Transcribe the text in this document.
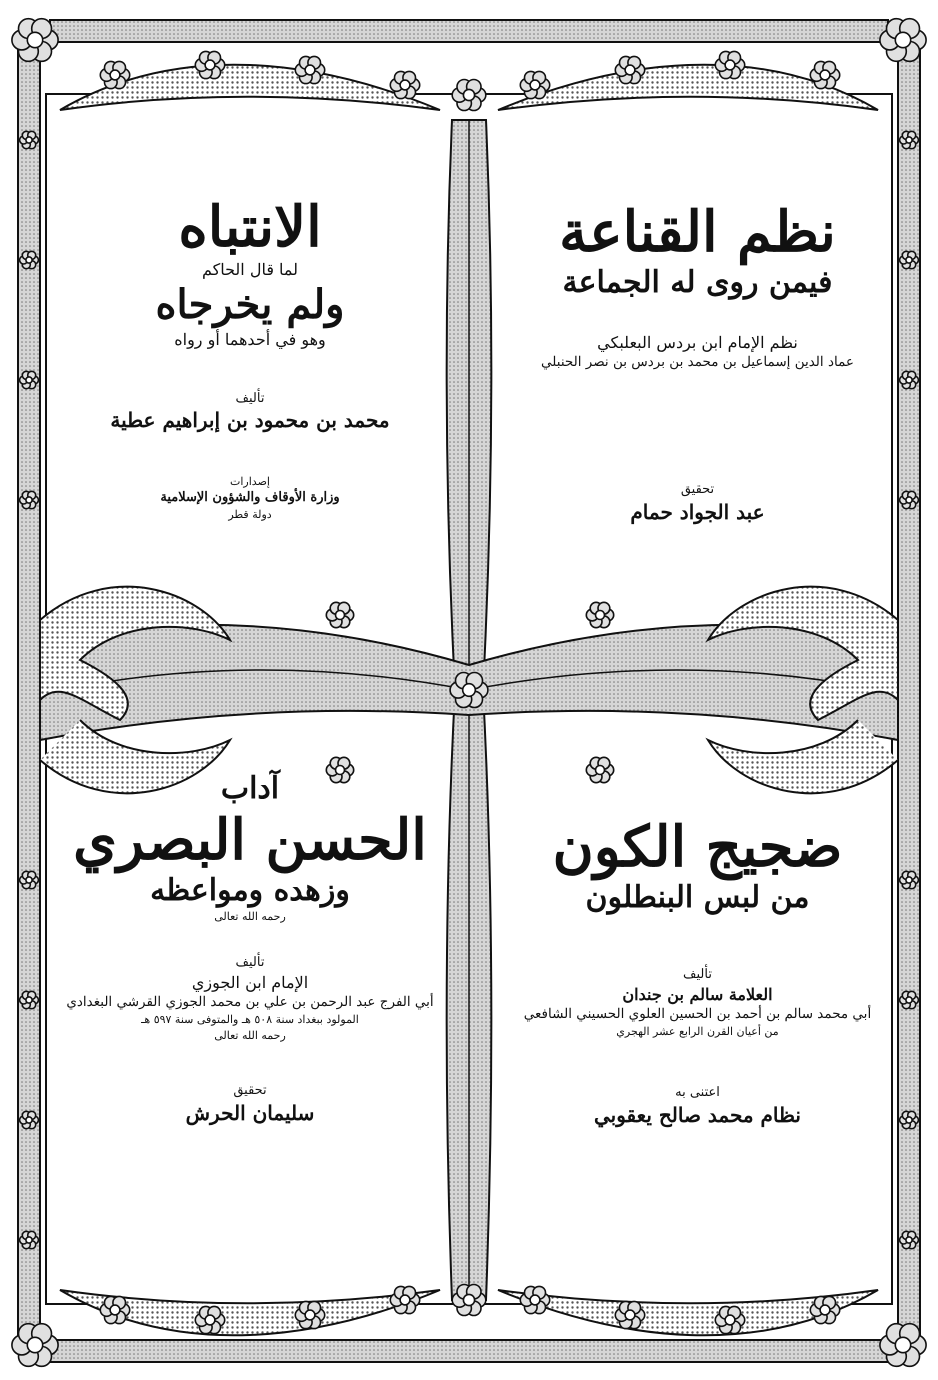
نظم القناعة
فيمن روى له الجماعة
نظم الإمام ابن بردس البعلبكي
عماد الدين إسماعيل بن محمد بن بردس بن نصر الحنبلي
تحقيق
عبد الجواد حمام
الانتباه
لما قال الحاكم
ولم يخرجاه
وهو في أحدهما أو رواه
تأليف
محمد بن محمود بن إبراهيم عطية
إصدارات
وزارة الأوقاف والشؤون الإسلامية
دولة قطر
ضجيج الكون
من لبس البنطلون
تأليف
العلامة سالم بن جندان
أبي محمد سالم بن أحمد بن الحسين العلوي الحسيني الشافعي
من أعيان القرن الرابع عشر الهجري
اعتنى به
نظام محمد صالح يعقوبي
آداب
الحسن البصري
وزهده ومواعظه
رحمه الله تعالى
تأليف
الإمام ابن الجوزي
أبي الفرج عبد الرحمن بن علي بن محمد الجوزي القرشي البغدادي
المولود ببغداد سنة ٥٠٨ هـ والمتوفى سنة ٥٩٧ هـ
رحمه الله تعالى
تحقيق
سليمان الحرش
